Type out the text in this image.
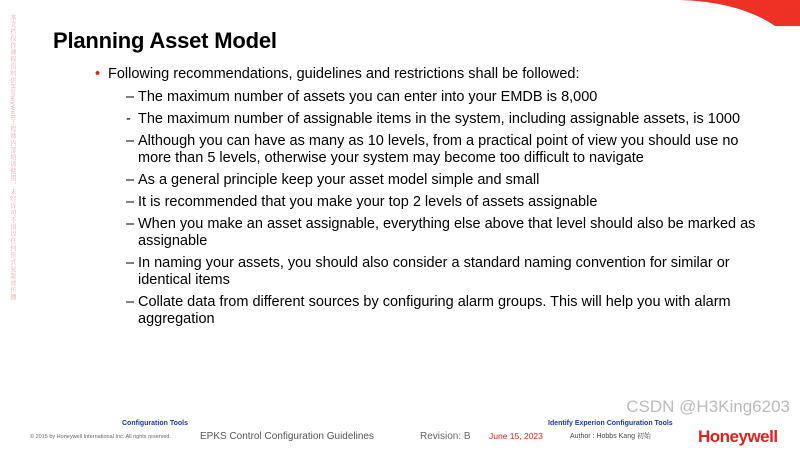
本文档仅作课程资料供Honeywell工程师内部培训使用，未经许可不得以任何形式复制或传播 Planning Asset Model
• Following recommendations, guidelines and restrictions shall be followed:
– The maximum number of assets you can enter into your EMDB is 8,000
- The maximum number of assignable items in the system, including assignable assets, is 1000
– Although you can have as many as 10 levels, from a practical point of view you should use no more than 5 levels, otherwise your system may become too difficult to navigate
– As a general principle keep your asset model simple and small
– It is recommended that you make your top 2 levels of assets assignable
– When you make an asset assignable, everything else above that level should also be marked as assignable
– In naming your assets, you should also consider a standard naming convention for similar or identical items
– Collate data from different sources by configuring alarm groups. This will help you with alarm aggregation
© 2015 by Honeywell International Inc. All rights reserved.
Configuration Tools
EPKS Control Configuration Guidelines	Revision: B June 15, 2023
Identify Experion Configuration Tools
Author : Hobbs Kang 初始
CSDN @H3King6203
Honeywell
